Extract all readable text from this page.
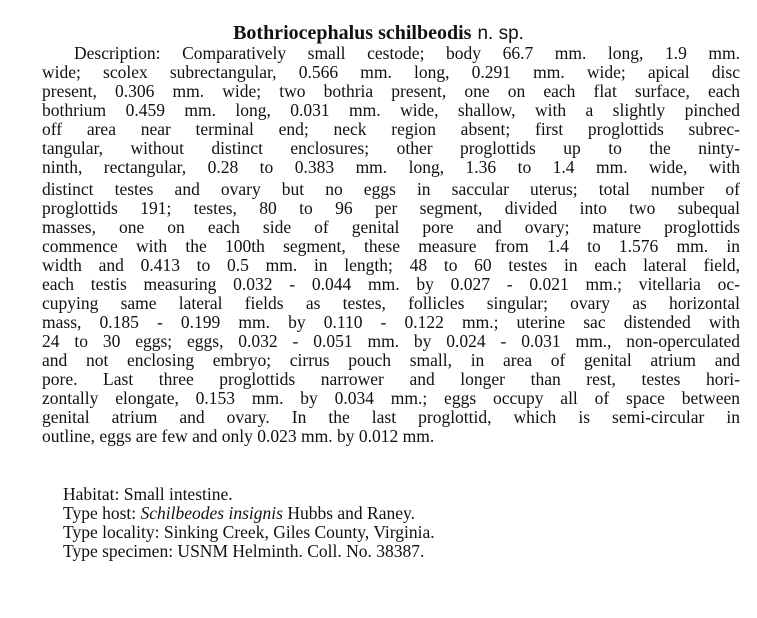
Bothriocephalus schilbeodis n. sp.
Description: Comparatively small cestode; body 66.7 mm. long, 1.9 mm.
wide; scolex subrectangular, 0.566 mm. long, 0.291 mm. wide; apical disc
present, 0.306 mm. wide; two bothria present, one on each flat surface, each
bothrium 0.459 mm. long, 0.031 mm. wide, shallow, with a slightly pinched
off area near terminal end; neck region absent; first proglottids subrec-
tangular, without distinct enclosures; other proglottids up to the ninty-
ninth, rectangular, 0.28 to 0.383 mm. long, 1.36 to 1.4 mm. wide, with
distinct testes and ovary but no eggs in saccular uterus; total number of
proglottids 191; testes, 80 to 96 per segment, divided into two subequal
masses, one on each side of genital pore and ovary; mature proglottids
commence with the 100th segment, these measure from 1.4 to 1.576 mm. in
width and 0.413 to 0.5 mm. in length; 48 to 60 testes in each lateral field,
each testis measuring 0.032 - 0.044 mm. by 0.027 - 0.021 mm.; vitellaria oc-
cupying same lateral fields as testes, follicles singular; ovary as horizontal
mass, 0.185 - 0.199 mm. by 0.110 - 0.122 mm.; uterine sac distended with
24 to 30 eggs; eggs, 0.032 - 0.051 mm. by 0.024 - 0.031 mm., non-operculated
and not enclosing embryo; cirrus pouch small, in area of genital atrium and
pore. Last three proglottids narrower and longer than rest, testes hori-
zontally elongate, 0.153 mm. by 0.034 mm.; eggs occupy all of space between
genital atrium and ovary. In the last proglottid, which is semi-circular in
outline, eggs are few and only 0.023 mm. by 0.012 mm.
Habitat: Small intestine.
Type host: Schilbeodes insignis Hubbs and Raney.
Type locality: Sinking Creek, Giles County, Virginia.
Type specimen: USNM Helminth. Coll. No. 38387.
